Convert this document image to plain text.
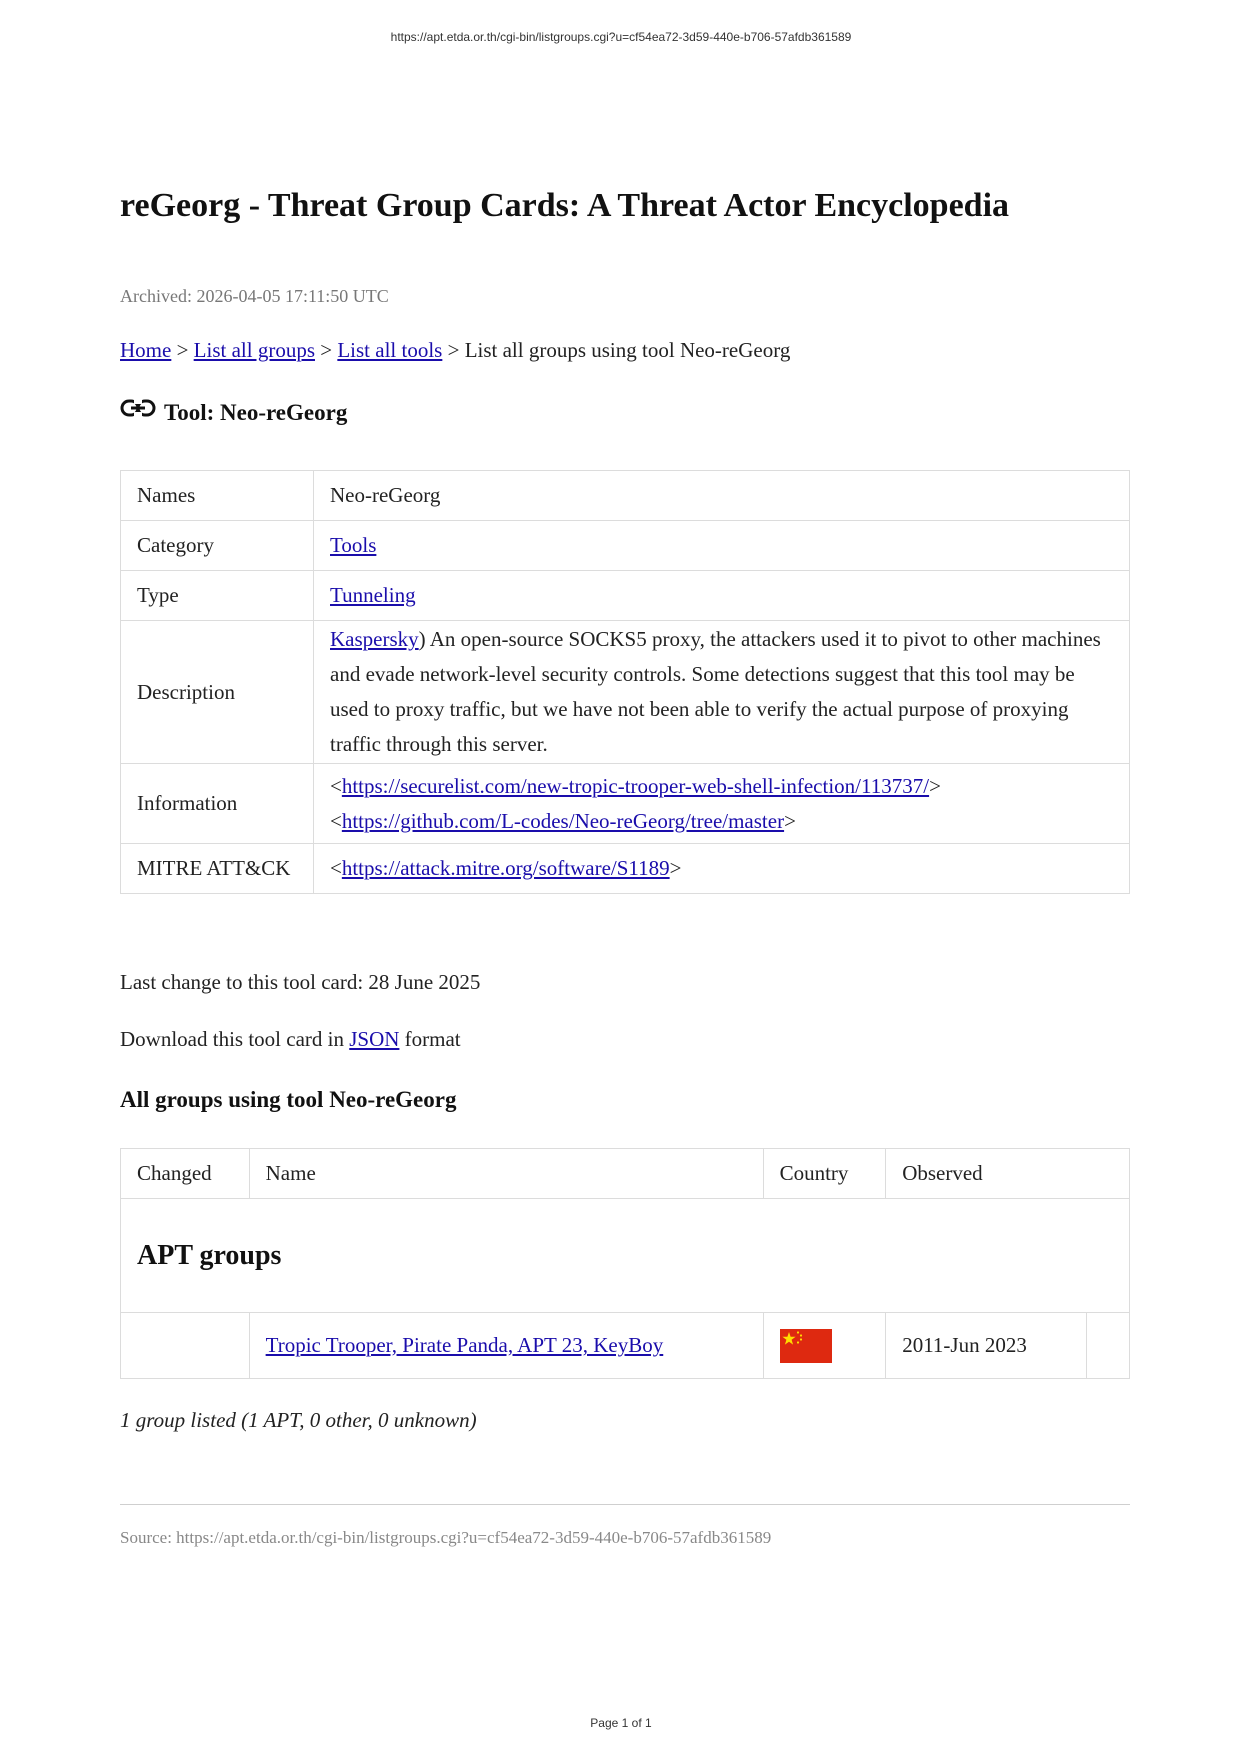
https://apt.etda.or.th/cgi-bin/listgroups.cgi?u=cf54ea72-3d59-440e-b706-57afdb361589
reGeorg - Threat Group Cards: A Threat Actor Encyclopedia
Archived: 2026-04-05 17:11:50 UTC
Home > List all groups > List all tools > List all groups using tool Neo-reGeorg
Tool: Neo-reGeorg
Names	Neo-reGeorg
Category	Tools
Type	Tunneling
Description	Kaspersky) An open-source SOCKS5 proxy, the attackers used it to pivot to other machines and evade network-level security controls. Some detections suggest that this tool may be used to proxy traffic, but we have not been able to verify the actual purpose of proxying traffic through this server.
Information	<https://securelist.com/new-tropic-trooper-web-shell-infection/113737/>
<https://github.com/L-codes/Neo-reGeorg/tree/master>

MITRE ATT&CK	<https://attack.mitre.org/software/S1189>
Last change to this tool card: 28 June 2025
Download this tool card in JSON format
All groups using tool Neo-reGeorg
Changed	Name	Country	Observed	
APT groups				
	Tropic Trooper, Pirate Panda, APT 23, KeyBoy		2011-Jun 2023	
1 group listed (1 APT, 0 other, 0 unknown)
Source: https://apt.etda.or.th/cgi-bin/listgroups.cgi?u=cf54ea72-3d59-440e-b706-57afdb361589
Page 1 of 1
